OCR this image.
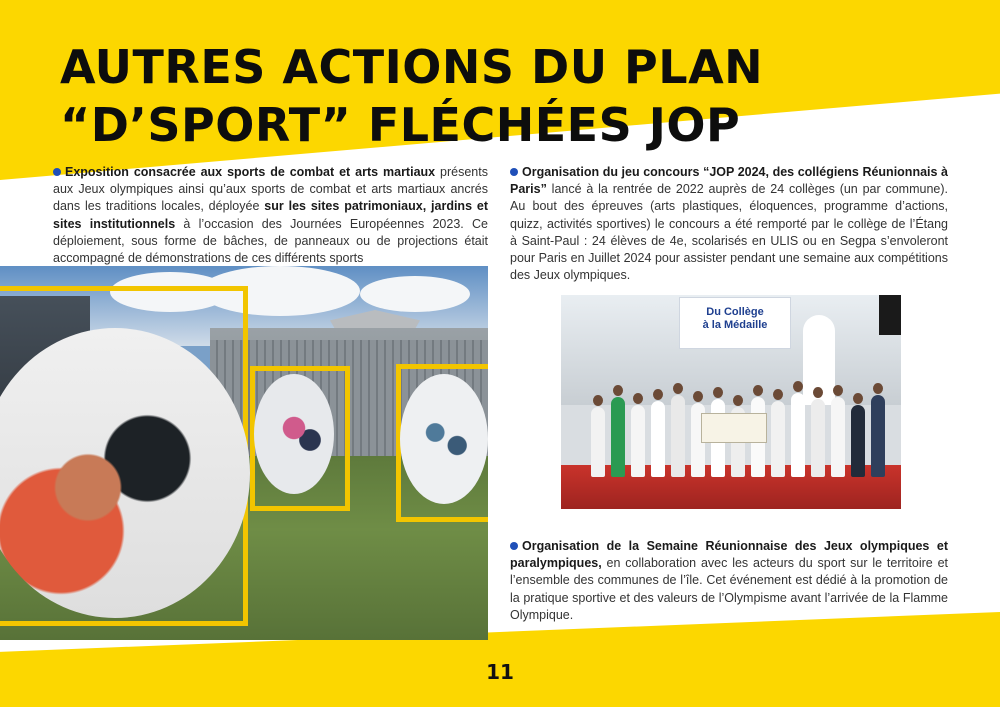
AUTRES ACTIONS DU PLAN
“D’SPORT” FLÉCHÉES JOP

Exposition consacrée aux sports de combat et arts martiaux présents aux Jeux olympiques ainsi qu’aux sports de combat et arts martiaux ancrés dans les traditions locales, déployée sur les sites patrimoniaux, jardins et sites institutionnels à l’occasion des Journées Européennes 2023. Ce déploiement, sous forme de bâches, de panneaux ou de projections était accompagné de démonstrations de ces différents sports

Organisation du jeu concours “JOP 2024, des collégiens Réunionnais à Paris” lancé à la rentrée de 2022 auprès de 24 collèges (un par commune). Au bout des épreuves (arts plastiques, éloquences, programme d’actions, quizz, activités sportives) le concours a été remporté par le collège de l’Étang à Saint-Paul : 24 élèves de 4e, scolarisés en ULIS ou en Segpa s’envoleront pour Paris en Juillet 2024 pour assister pendant une semaine aux compétitions des Jeux olympiques.

Organisation de la Semaine Réunionnaise des Jeux olympiques et paralympiques, en collaboration avec les acteurs du sport sur le territoire et l’ensemble des communes de l’île. Cet événement est dédié à la promotion de la pratique sportive et des valeurs de l’Olympisme avant l’arrivée de la Flamme Olympique.

Du Collège
à la Médaille
11
